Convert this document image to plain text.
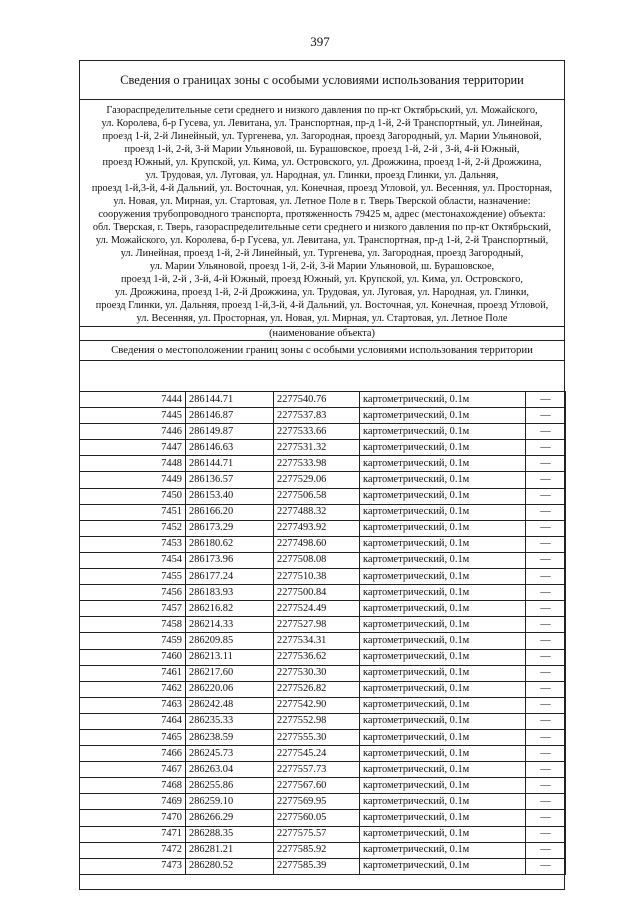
397
Сведения о границах зоны с особыми условиями использования территории
Газораспределительные сети среднего и низкого давления по пр-кт Октябрьский, ул. Можайского,
ул. Королева, б-р Гусева, ул. Левитана, ул. Транспортная, пр-д 1-й, 2-й Транспортный, ул. Линейная,
проезд 1-й, 2-й Линейный, ул. Тургенева, ул. Загородная, проезд Загородный, ул. Марии Ульяновой,
проезд 1-й, 2-й, 3-й Марии Ульяновой, ш. Бурашовское, проезд 1-й, 2-й , 3-й, 4-й Южный,
проезд Южный, ул. Крупской, ул. Кима, ул. Островского, ул. Дрожжина, проезд 1-й, 2-й Дрожжина,
ул. Трудовая, ул. Луговая, ул. Народная, ул. Глинки, проезд Глинки, ул. Дальняя,
проезд 1-й,3-й, 4-й Дальний, ул. Восточная, ул. Конечная, проезд Угловой, ул. Весенняя, ул. Просторная,
ул. Новая, ул. Мирная, ул. Стартовая, ул. Летное Поле в г. Тверь Тверской области, назначение:
сооружения трубопроводного транспорта, протяженность 79425 м, адрес (местонахождение) объекта:
обл. Тверская, г. Тверь, газораспределительные сети среднего и низкого давления по пр-кт Октябрьский,
ул. Можайского, ул. Королева, б-р Гусева, ул. Левитана, ул. Транспортная, пр-д 1-й, 2-й Транспортный,
ул. Линейная, проезд 1-й, 2-й Линейный, ул. Тургенева, ул. Загородная, проезд Загородный,
ул. Марии Ульяновой, проезд 1-й, 2-й, 3-й Марии Ульяновой, ш. Бурашовское,
проезд 1-й, 2-й , 3-й, 4-й Южный, проезд Южный, ул. Крупской, ул. Кима, ул. Островского,
ул. Дрожжина, проезд 1-й, 2-й Дрожжина, ул. Трудовая, ул. Луговая, ул. Народная, ул. Глинки,
проезд Глинки, ул. Дальняя, проезд 1-й,3-й, 4-й Дальний, ул. Восточная, ул. Конечная, проезд Угловой,
ул. Весенняя, ул. Просторная, ул. Новая, ул. Мирная, ул. Стартовая, ул. Летное Поле
(наименование объекта)
Сведения о местоположении границ зоны с особыми условиями использования территории
7444	286144.71	2277540.76	картометрический, 0.1м	—
7445	286146.87	2277537.83	картометрический, 0.1м	—
7446	286149.87	2277533.66	картометрический, 0.1м	—
7447	286146.63	2277531.32	картометрический, 0.1м	—
7448	286144.71	2277533.98	картометрический, 0.1м	—
7449	286136.57	2277529.06	картометрический, 0.1м	—
7450	286153.40	2277506.58	картометрический, 0.1м	—
7451	286166.20	2277488.32	картометрический, 0.1м	—
7452	286173.29	2277493.92	картометрический, 0.1м	—
7453	286180.62	2277498.60	картометрический, 0.1м	—
7454	286173.96	2277508.08	картометрический, 0.1м	—
7455	286177.24	2277510.38	картометрический, 0.1м	—
7456	286183.93	2277500.84	картометрический, 0.1м	—
7457	286216.82	2277524.49	картометрический, 0.1м	—
7458	286214.33	2277527.98	картометрический, 0.1м	—
7459	286209.85	2277534.31	картометрический, 0.1м	—
7460	286213.11	2277536.62	картометрический, 0.1м	—
7461	286217.60	2277530.30	картометрический, 0.1м	—
7462	286220.06	2277526.82	картометрический, 0.1м	—
7463	286242.48	2277542.90	картометрический, 0.1м	—
7464	286235.33	2277552.98	картометрический, 0.1м	—
7465	286238.59	2277555.30	картометрический, 0.1м	—
7466	286245.73	2277545.24	картометрический, 0.1м	—
7467	286263.04	2277557.73	картометрический, 0.1м	—
7468	286255.86	2277567.60	картометрический, 0.1м	—
7469	286259.10	2277569.95	картометрический, 0.1м	—
7470	286266.29	2277560.05	картометрический, 0.1м	—
7471	286288.35	2277575.57	картометрический, 0.1м	—
7472	286281.21	2277585.92	картометрический, 0.1м	—
7473	286280.52	2277585.39	картометрический, 0.1м	—
